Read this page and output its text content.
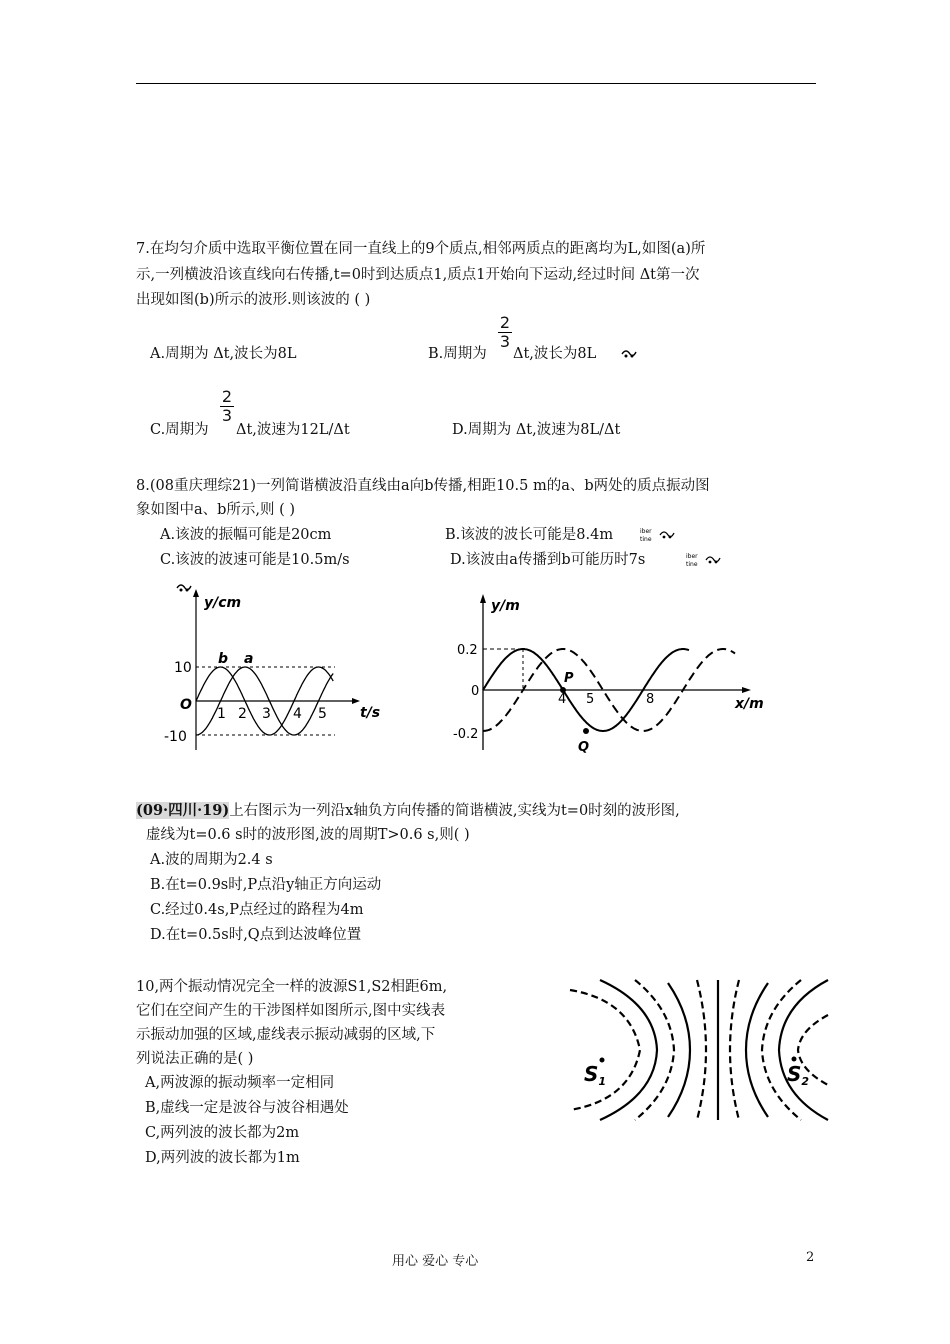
7.在均匀介质中选取平衡位置在同一直线上的9个质点,相邻两质点的距离均为L,如图(a)所
示,一列横波沿该直线向右传播,t=0时到达质点1,质点1开始向下运动,经过时间 Δt第一次
出现如图(b)所示的波形.则该波的 ( )
A.周期为 Δt,波长为8L	B.周期为
$\frac{2}{3}$
Δt,波长为8L
C.周期为
$\frac{2}{3}$
Δt,波速为12L/Δt	D.周期为 Δt,波速为8L/Δt
8.(08重庆理综21)一列简谐横波沿直线由a向b传播,相距10.5 m的a、b两处的质点振动图
象如图中a、b所示,则 ( )
A.该波的振幅可能是20cm	B.该波的波长可能是8.4m	iber
tine
C.该波的波速可能是10.5m/s	D.该波由a传播到b可能历时7s	iber
tine
y/cm
t/s
O
10
-10
1 2 3 4 5
b a
y/m
x/m
0.2
0
-0.2
4 5	8
P
Q
(09·四川·19)上右图示为一列沿x轴负方向传播的简谐横波,实线为t=0时刻的波形图,
虚线为t=0.6 s时的波形图,波的周期T>0.6 s,则( )
A.波的周期为2.4 s
B.在t=0.9s时,P点沿y轴正方向运动
C.经过0.4s,P点经过的路程为4m
D.在t=0.5s时,Q点到达波峰位置
10,两个振动情况完全一样的波源S1,S2相距6m,
它们在空间产生的干涉图样如图所示,图中实线表
示振动加强的区域,虚线表示振动减弱的区域,下
列说法正确的是( )
A,两波源的振动频率一定相同
B,虚线一定是波谷与波谷相遇处
C,两列波的波长都为2m
D,两列波的波长都为1m
$S_1$	$S_2$
用心 爱心 专心	2
